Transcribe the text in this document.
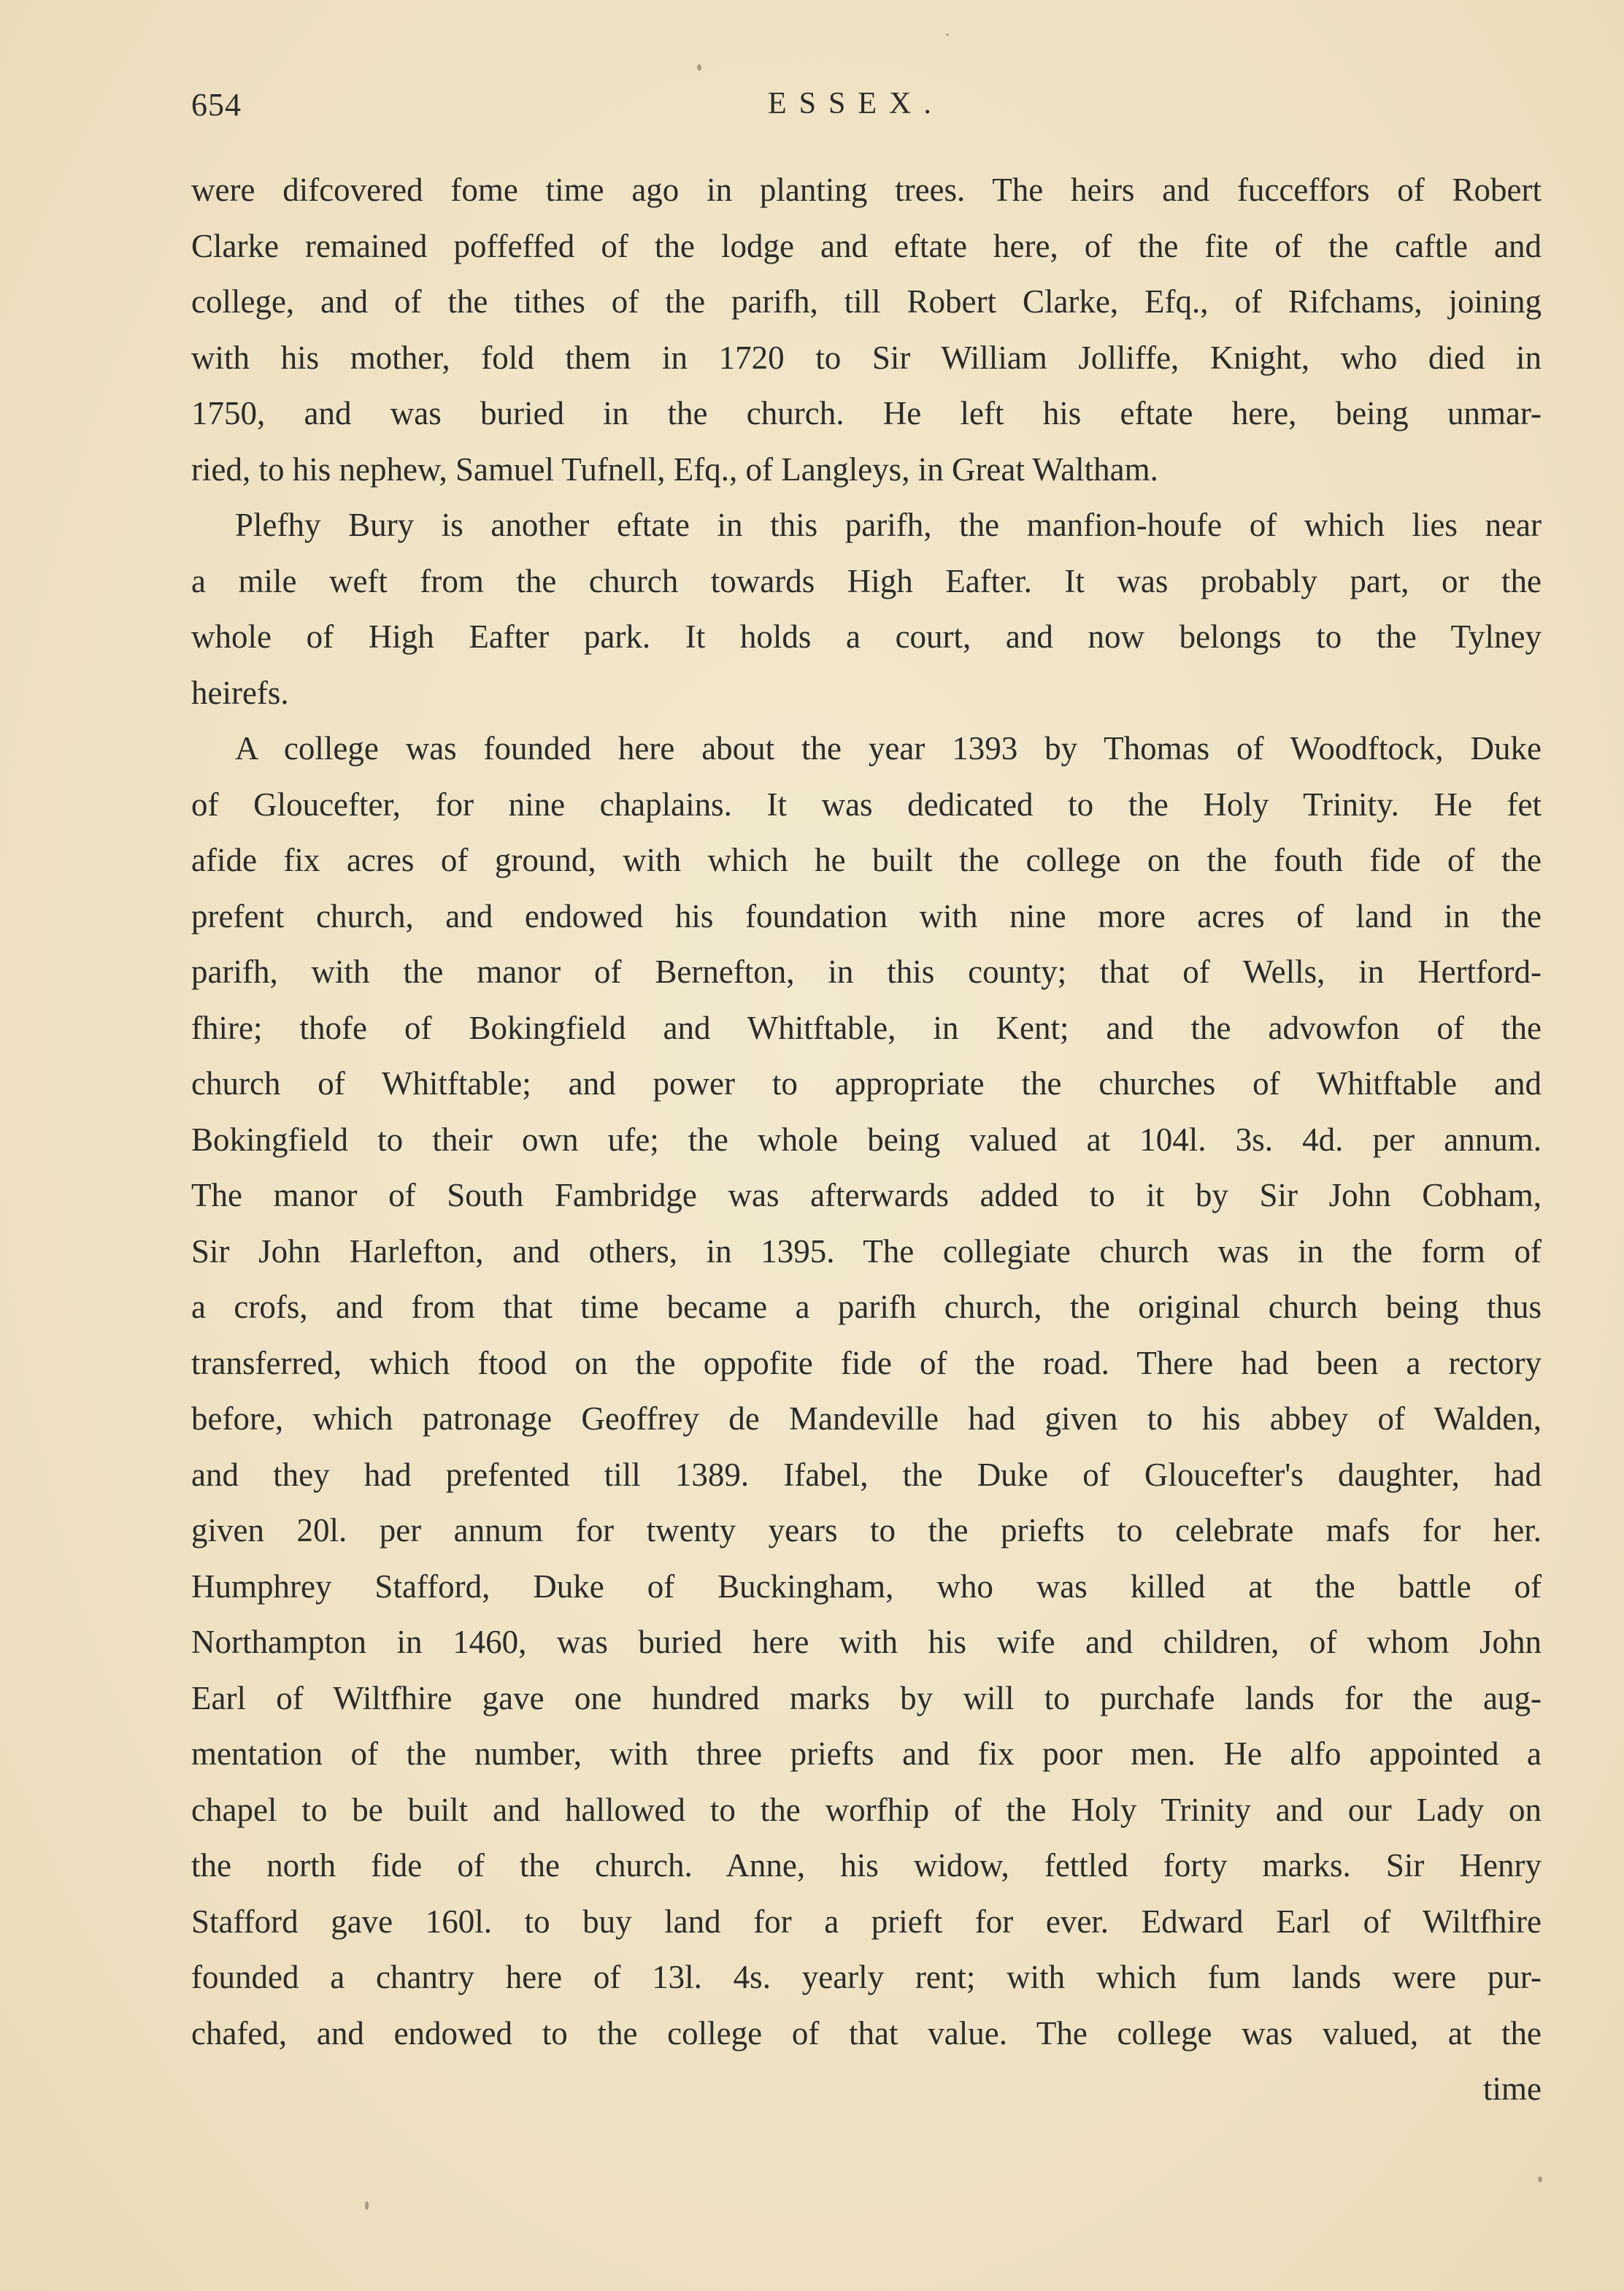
654	ESSEX.

were difcovered fome time ago in planting trees. The heirs and fucceffors of Robert
Clarke remained poffeffed of the lodge and eftate here, of the fite of the caftle and
college, and of the tithes of the parifh, till Robert Clarke, Efq., of Rifchams, joining
with his mother, fold them in 1720 to Sir William Jolliffe, Knight, who died in
1750, and was buried in the church. He left his eftate here, being unmar-
ried, to his nephew, Samuel Tufnell, Efq., of Langleys, in Great Waltham.

Plefhy Bury is another eftate in this parifh, the manfion-houfe of which lies near
a mile weft from the church towards High Eafter. It was probably part, or the
whole of High Eafter park. It holds a court, and now belongs to the Tylney
heirefs.

A college was founded here about the year 1393 by Thomas of Woodftock, Duke
of Gloucefter, for nine chaplains. It was dedicated to the Holy Trinity. He fet
afide fix acres of ground, with which he built the college on the fouth fide of the
prefent church, and endowed his foundation with nine more acres of land in the
parifh, with the manor of Bernefton, in this county; that of Wells, in Hertford-
fhire; thofe of Bokingfield and Whitftable, in Kent; and the advowfon of the
church of Whitftable; and power to appropriate the churches of Whitftable and
Bokingfield to their own ufe; the whole being valued at 104l. 3s. 4d. per annum.
The manor of South Fambridge was afterwards added to it by Sir John Cobham,
Sir John Harlefton, and others, in 1395. The collegiate church was in the form of
a crofs, and from that time became a parifh church, the original church being thus
transferred, which ftood on the oppofite fide of the road. There had been a rectory
before, which patronage Geoffrey de Mandeville had given to his abbey of Walden,
and they had prefented till 1389. Ifabel, the Duke of Gloucefter's daughter, had
given 20l. per annum for twenty years to the priefts to celebrate mafs for her.
Humphrey Stafford, Duke of Buckingham, who was killed at the battle of
Northampton in 1460, was buried here with his wife and children, of whom John
Earl of Wiltfhire gave one hundred marks by will to purchafe lands for the aug-
mentation of the number, with three priefts and fix poor men. He alfo appointed a
chapel to be built and hallowed to the worfhip of the Holy Trinity and our Lady on
the north fide of the church. Anne, his widow, fettled forty marks. Sir Henry
Stafford gave 160l. to buy land for a prieft for ever. Edward Earl of Wiltfhire
founded a chantry here of 13l. 4s. yearly rent; with which fum lands were pur-
chafed, and endowed to the college of that value. The college was valued, at the

time
